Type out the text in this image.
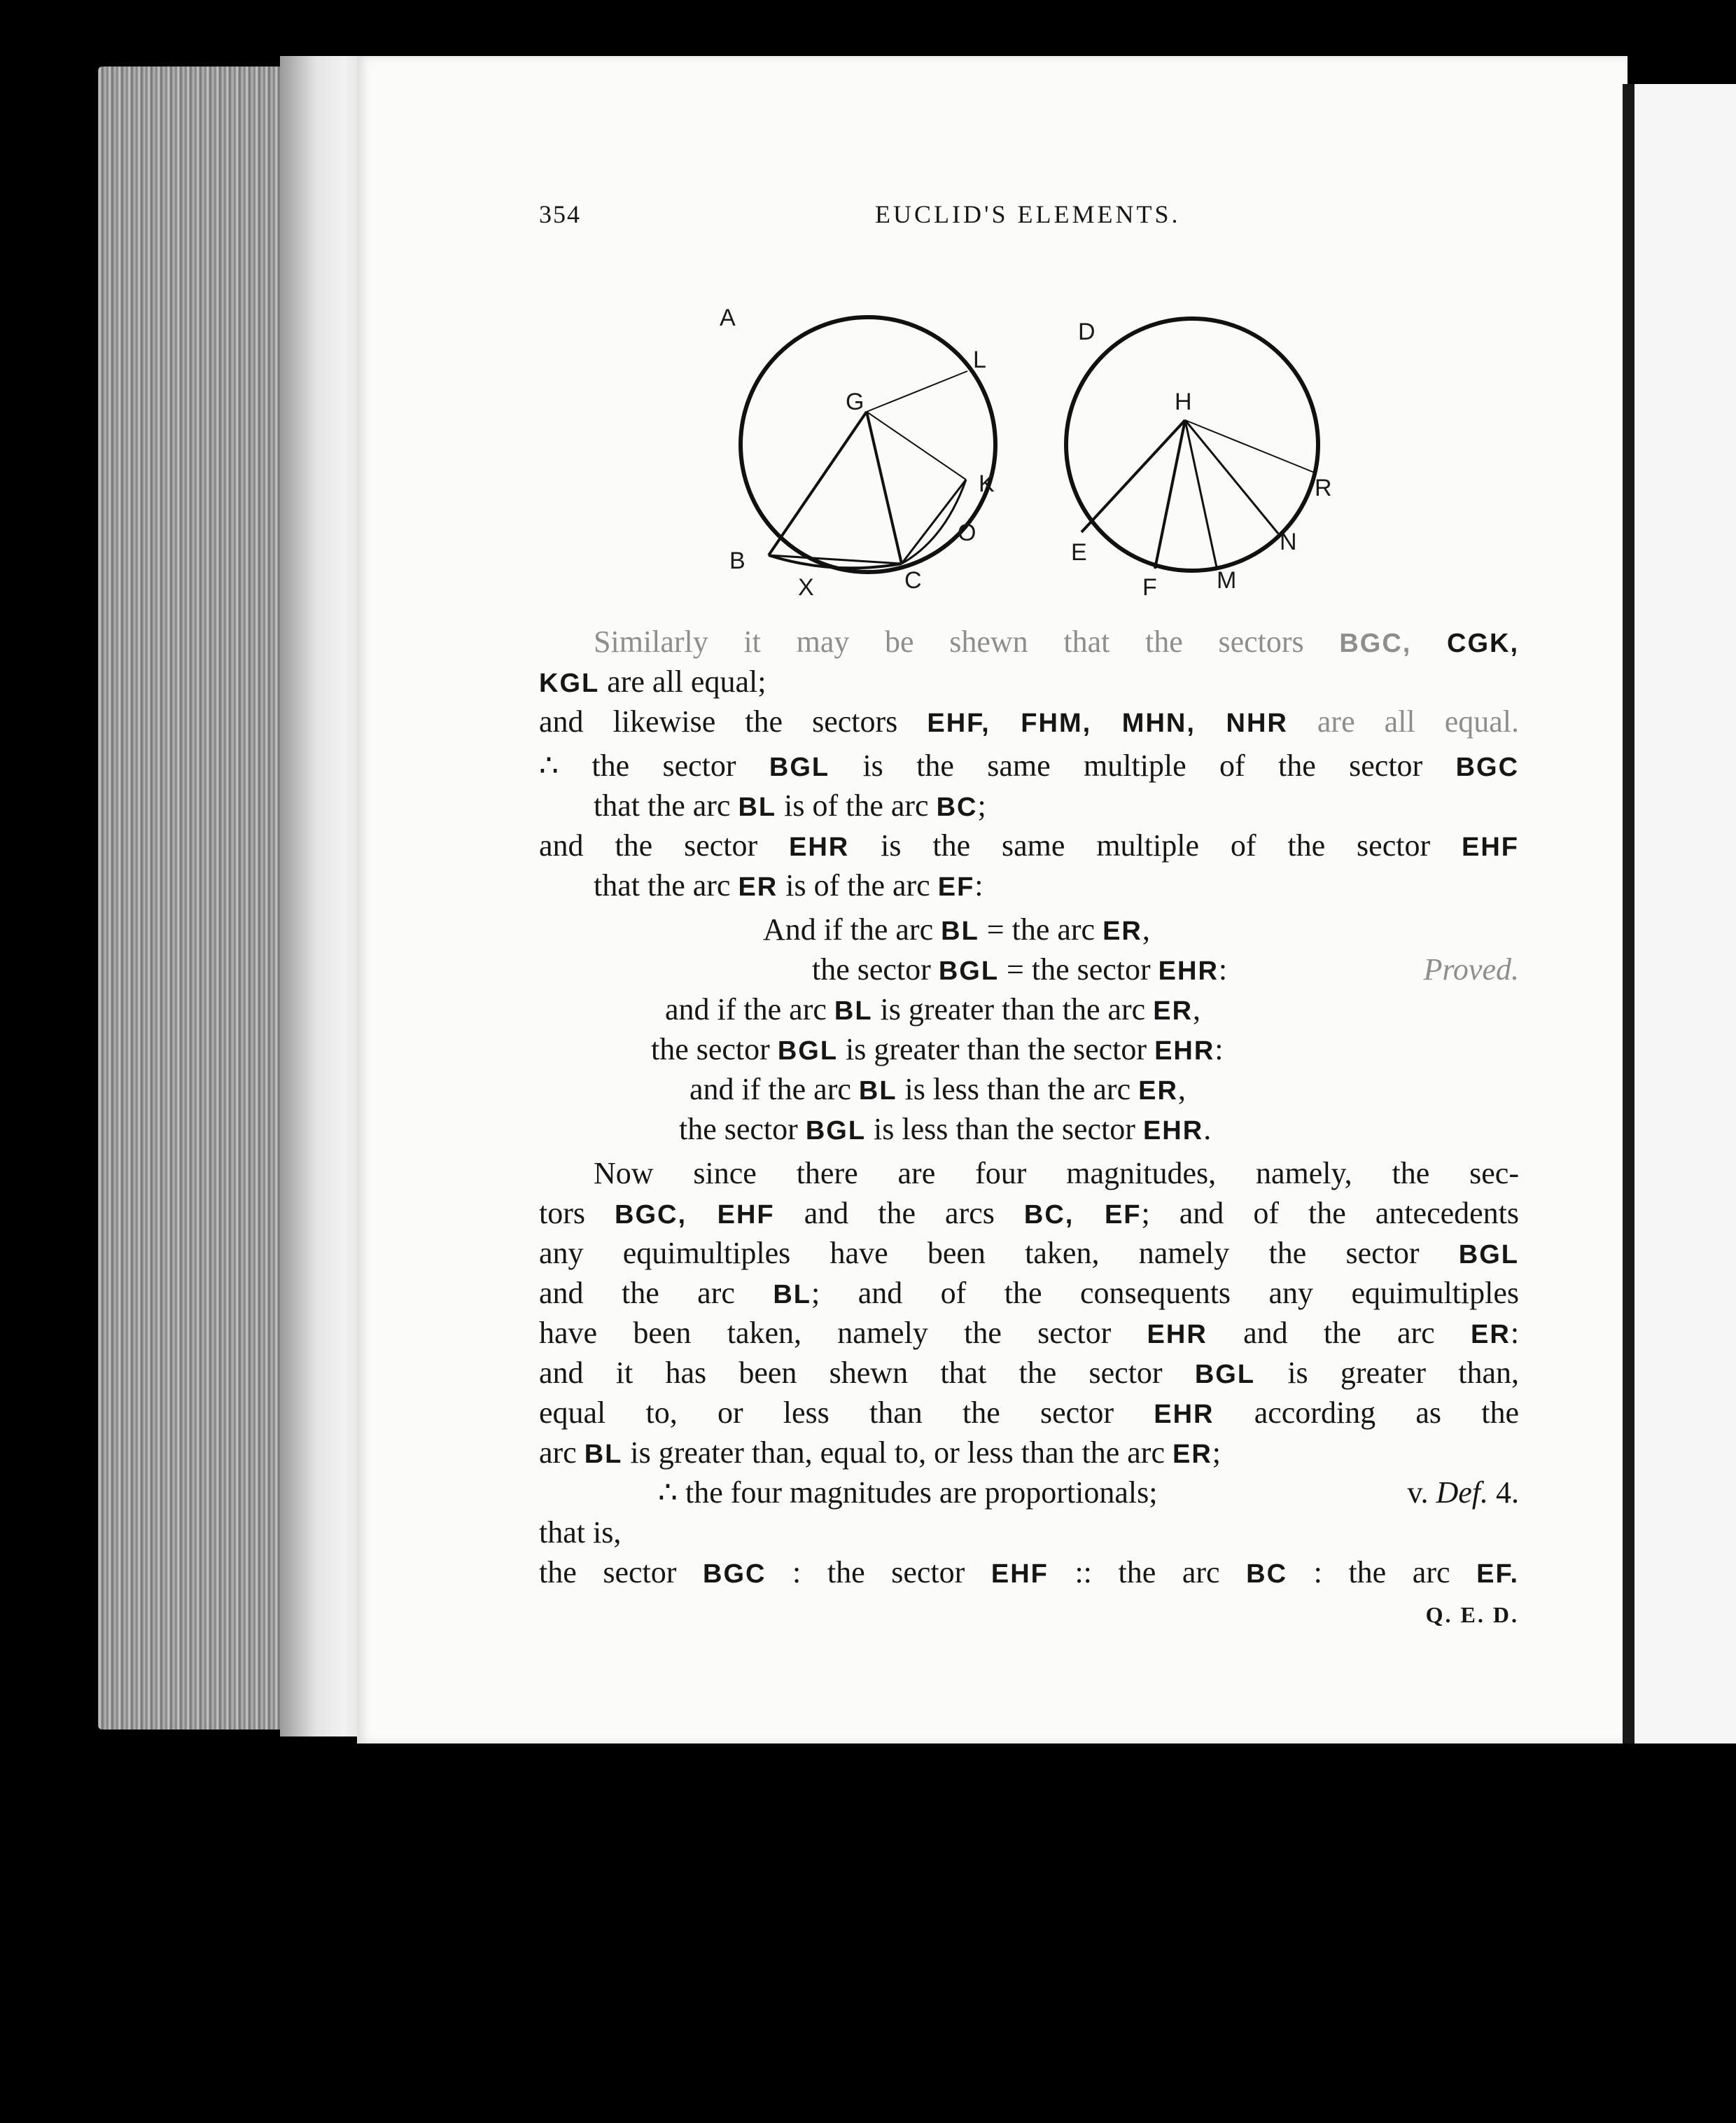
354	EUCLID'S ELEMENTS.
A
L
G
K
O
B
X	C
D
H
R
E	N
F	M
Similarly it may be shewn that the sectors BGC, CGK,
KGL are all equal;
and likewise the sectors EHF, FHM, MHN, NHR are all equal.
∴ the sector BGL is the same multiple of the sector BGC
that the arc BL is of the arc BC;
and the sector EHR is the same multiple of the sector EHF
that the arc ER is of the arc EF:
And if the arc BL = the arc ER,
the sector BGL = the sector EHR:	Proved.
and if the arc BL is greater than the arc ER,
the sector BGL is greater than the sector EHR:
and if the arc BL is less than the arc ER,
the sector BGL is less than the sector EHR.
Now since there are four magnitudes, namely, the sec-
tors BGC, EHF and the arcs BC, EF; and of the antecedents
any equimultiples have been taken, namely the sector BGL
and the arc BL; and of the consequents any equimultiples
have been taken, namely the sector EHR and the arc ER:
and it has been shewn that the sector BGL is greater than,
equal to, or less than the sector EHR according as the
arc BL is greater than, equal to, or less than the arc ER;
∴ the four magnitudes are proportionals;	v. Def. 4.
that is,
the sector BGC : the sector EHF :: the arc BC : the arc EF.
Q. E. D.
